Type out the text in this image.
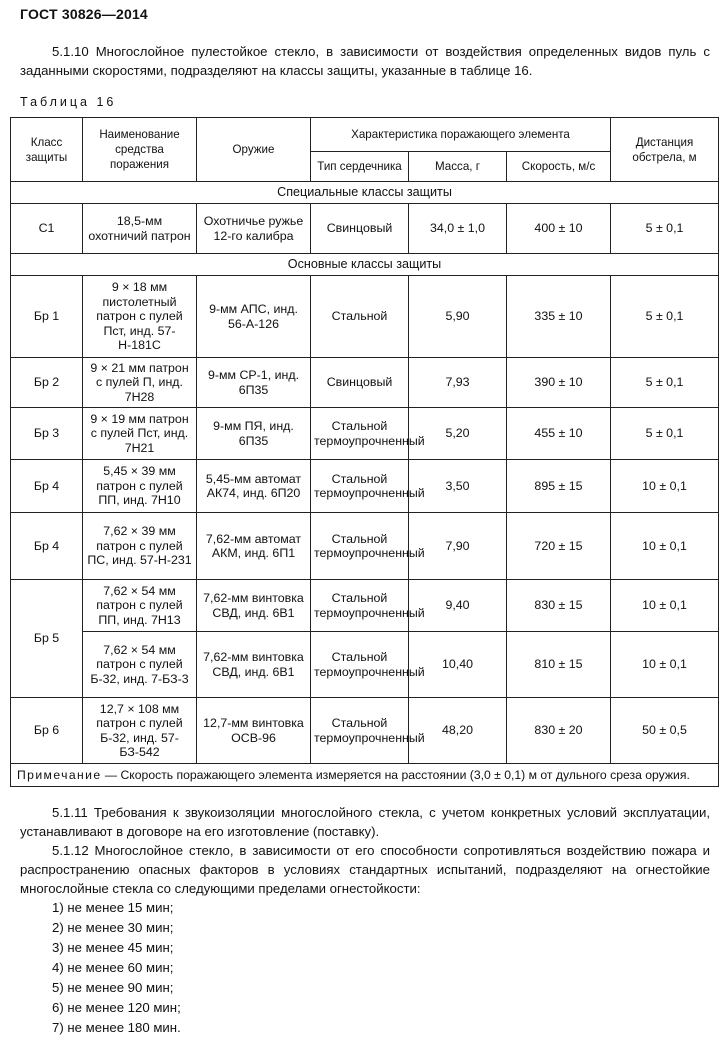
ГОСТ 30826—2014
5.1.10 Многослойное пулестойкое стекло, в зависимости от воздействия определенных видов пуль с заданными скоростями, подразделяют на классы защиты, указанные в таблице 16.
Таблица 16
Класс защиты	Наименование средства поражения	Оружие	Характеристика поражающего элемента			Дистанция обстрела, м
			Тип сердечника	Масса, г	Скорость, м/с	
Специальные классы защиты						
С1	18,5-мм охотничий патрон	Охотничье ружье 12-го калибра	Свинцовый	34,0 ± 1,0	400 ± 10	5 ± 0,1
Основные классы защиты						
Бр 1	9 × 18 мм пистолетный патрон с пулей Пст, инд. 57-Н-181С	9-мм АПС, инд. 56-А-126	Стальной	5,90	335 ± 10	5 ± 0,1
Бр 2	9 × 21 мм патрон с пулей П, инд. 7Н28	9-мм СР-1, инд. 6П35	Свинцовый	7,93	390 ± 10	5 ± 0,1
Бр 3	9 × 19 мм патрон с пулей Пст, инд. 7Н21	9-мм ПЯ, инд. 6П35	Стальной термоупрочненный	5,20	455 ± 10	5 ± 0,1
Бр 4	5,45 × 39 мм патрон с пулей ПП, инд. 7Н10	5,45-мм автомат АК74, инд. 6П20	Стальной термоупрочненный	3,50	895 ± 15	10 ± 0,1
Бр 4	7,62 × 39 мм патрон с пулей ПС, инд. 57-Н-231	7,62-мм автомат АКМ, инд. 6П1	Стальной термоупрочненный	7,90	720 ± 15	10 ± 0,1
Бр 5	7,62 × 54 мм патрон с пулей ПП, инд. 7Н13	7,62-мм винтовка СВД, инд. 6В1	Стальной термоупрочненный	9,40	830 ± 15	10 ± 0,1
	7,62 × 54 мм патрон с пулей Б-32, инд. 7-БЗ-3	7,62-мм винтовка СВД, инд. 6В1	Стальной термоупрочненный	10,40	810 ± 15	10 ± 0,1
Бр 6	12,7 × 108 мм патрон с пулей Б-32, инд. 57-БЗ-542	12,7-мм винтовка ОСВ-96	Стальной термоупрочненный	48,20	830 ± 20	50 ± 0,5
Примечание — Скорость поражающего элемента измеряется на расстоянии (3,0 ± 0,1) м от дульного среза оружия.						
5.1.11 Требования к звукоизоляции многослойного стекла, с учетом конкретных условий эксплуатации, устанавливают в договоре на его изготовление (поставку).
5.1.12 Многослойное стекло, в зависимости от его способности сопротивляться воздействию пожара и распространению опасных факторов в условиях стандартных испытаний, подразделяют на огнестойкие многослойные стекла со следующими пределами огнестойкости:
1) не менее 15 мин;
2) не менее 30 мин;
3) не менее 45 мин;
4) не менее 60 мин;
5) не менее 90 мин;
6) не менее 120 мин;
7) не менее 180 мин.
